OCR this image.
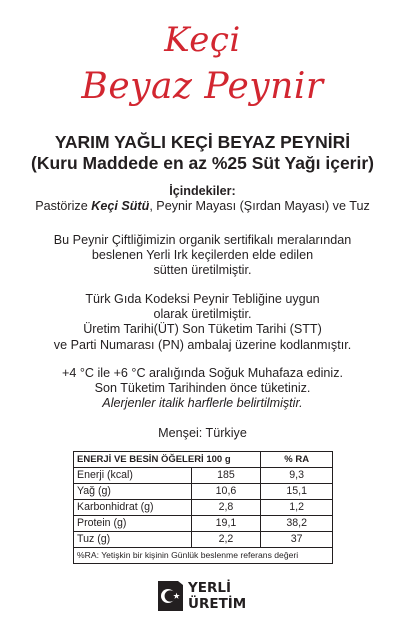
Keçi
Beyaz Peynir
YARIM YAĞLI KEÇİ BEYAZ PEYNİRİ
(Kuru Maddede en az %25 Süt Yağı içerir)
İçindekiler:
Pastörize Keçi Sütü, Peynir Mayası (Şırdan Mayası) ve Tuz
Bu Peynir Çiftliğimizin organik sertifikalı meralarından
beslenen Yerli Irk keçilerden elde edilen
sütten üretilmiştir.
Türk Gıda Kodeksi Peynir Tebliğine uygun
olarak üretilmiştir.
Üretim Tarihi(ÜT) Son Tüketim Tarihi (STT)
ve Parti Numarası (PN) ambalaj üzerine kodlanmıştır.
+4 °C ile +6 °C aralığında Soğuk Muhafaza ediniz.
Son Tüketim Tarihinden önce tüketiniz.
Alerjenler italik harflerle belirtilmiştir.
Menşei: Türkiye
ENERJİ VE BESİN ÖĞELERİ 100 g		% RA
Enerji (kcal)	185	9,3
Yağ (g)	10,6	15,1
Karbonhidrat (g)	2,8	1,2
Protein (g)	19,1	38,2
Tuz (g)	2,2	37
%RA: Yetişkin bir kişinin Günlük beslenme referans değeri		
YERLİ
ÜRETİM
